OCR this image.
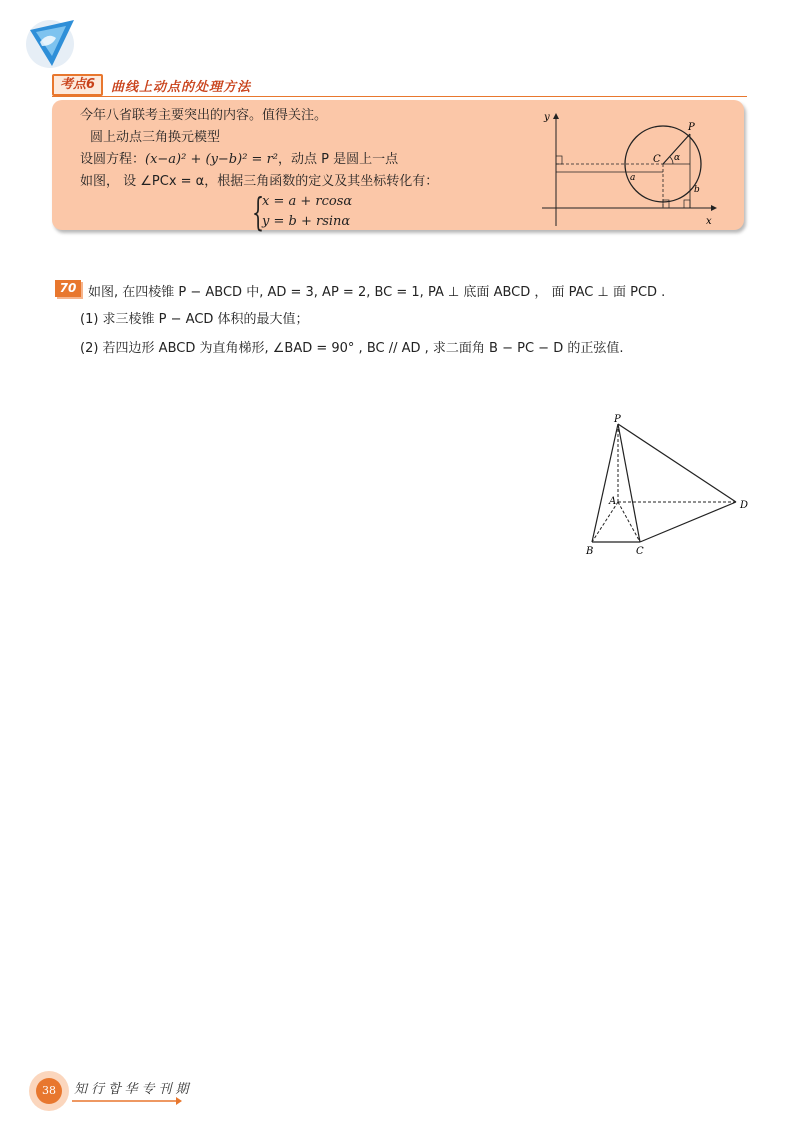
考点6	曲线上动点的处理方法
今年八省联考主要突出的内容。值得关注。
圆上动点三角换元模型
设圆方程：(x−a)² + (y−b)² = r²，动点 P 是圆上一点
如图， 设 ∠PCx = α，根据三角函数的定义及其坐标转化有：
{
x = a + rcosα
y = b + rsinα
y
x
P
C α
a
b
70 如图, 在四棱锥 P − ABCD 中, AD = 3, AP = 2, BC = 1, PA ⊥ 底面 ABCD ， 面 PAC ⊥ 面 PCD .
(1) 求三棱锥 P − ACD 体积的最大值；
(2) 若四边形 ABCD 为直角梯形, ∠BAD = 90° , BC // AD , 求二面角 B − PC − D 的正弦值.
P
A
B	C
D
38	知行합华专刊期
